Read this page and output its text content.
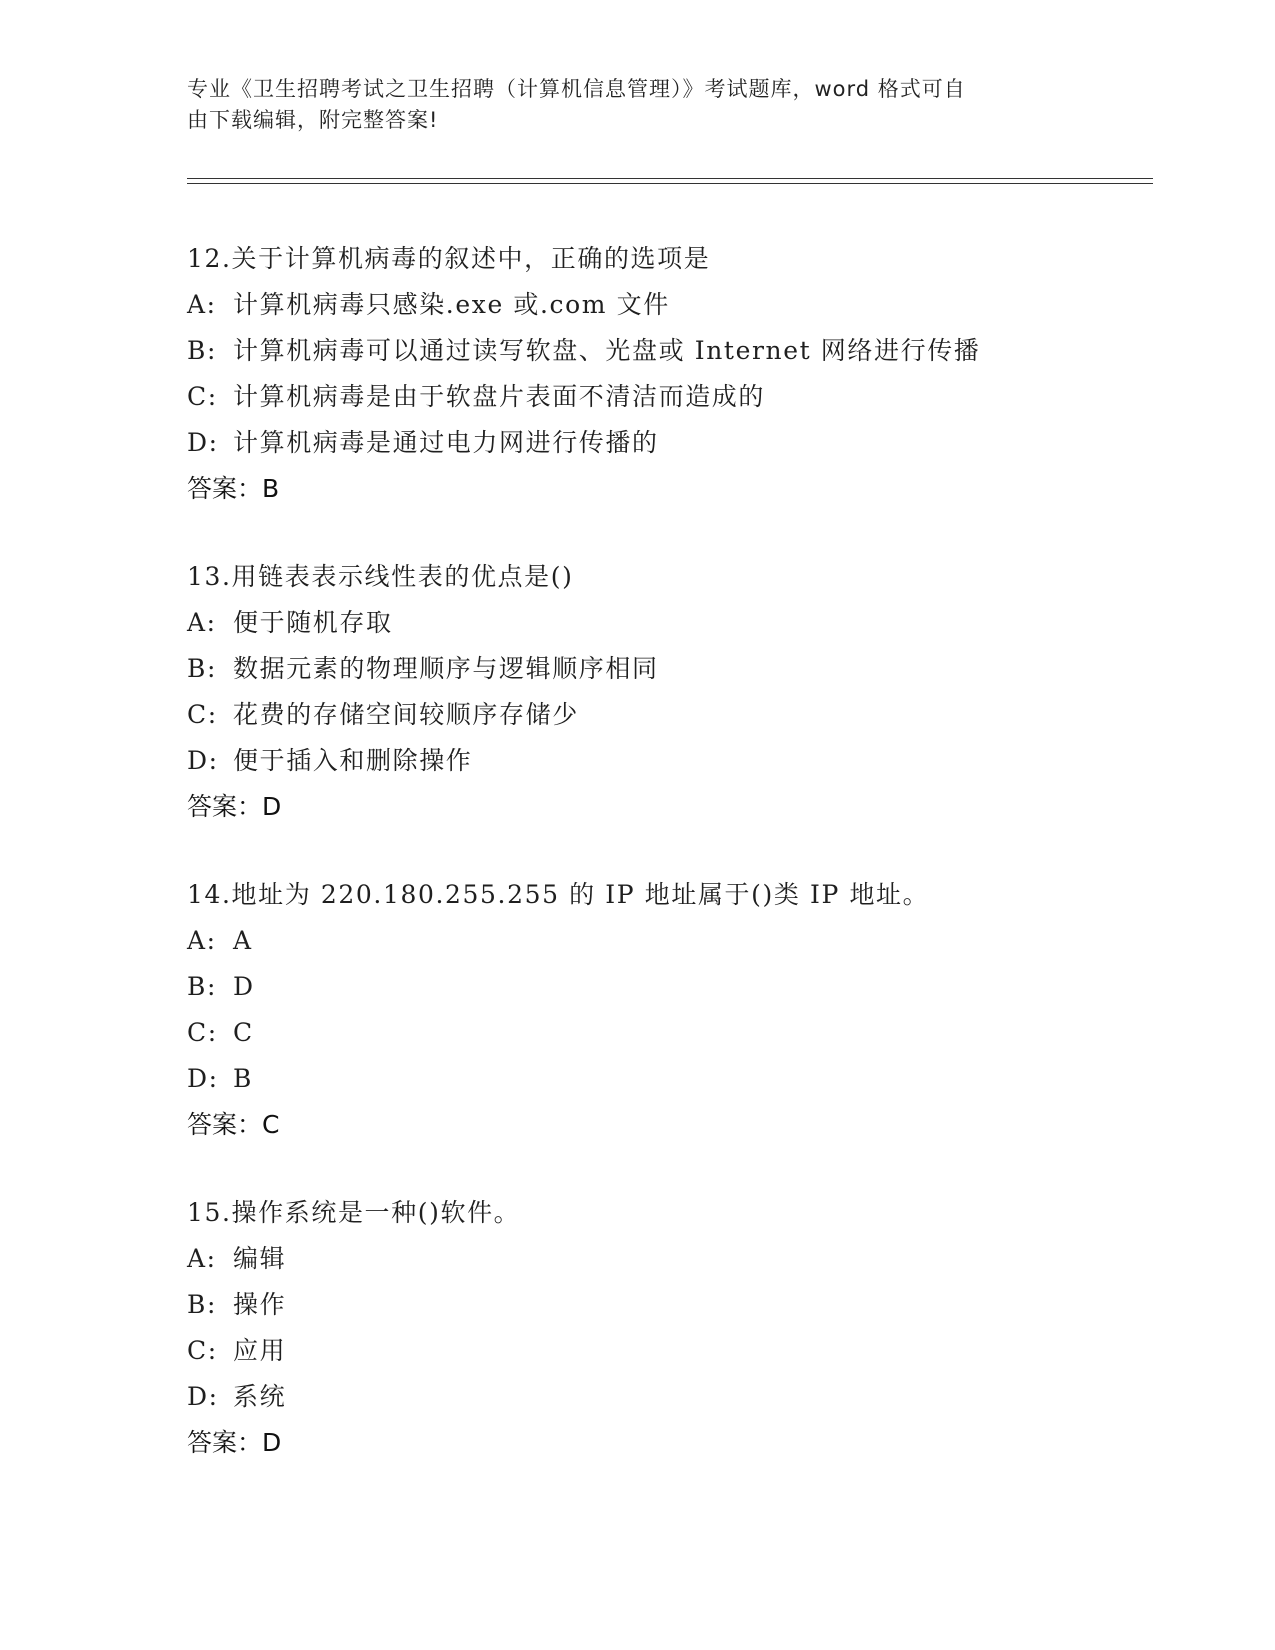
专业《卫生招聘考试之卫生招聘（计算机信息管理）》考试题库，word 格式可自
由下载编辑，附完整答案!
12.关于计算机病毒的叙述中，正确的选项是
A: 计算机病毒只感染.exe 或.com 文件
B: 计算机病毒可以通过读写软盘、光盘或 Internet 网络进行传播
C: 计算机病毒是由于软盘片表面不清洁而造成的
D: 计算机病毒是通过电力网进行传播的
答案：B
13.用链表表示线性表的优点是()
A: 便于随机存取
B: 数据元素的物理顺序与逻辑顺序相同
C: 花费的存储空间较顺序存储少
D: 便于插入和删除操作
答案：D
14.地址为 220.180.255.255 的 IP 地址属于()类 IP 地址。
A: A
B: D
C: C
D: B
答案：C
15.操作系统是一种()软件。
A: 编辑
B: 操作
C: 应用
D: 系统
答案：D
